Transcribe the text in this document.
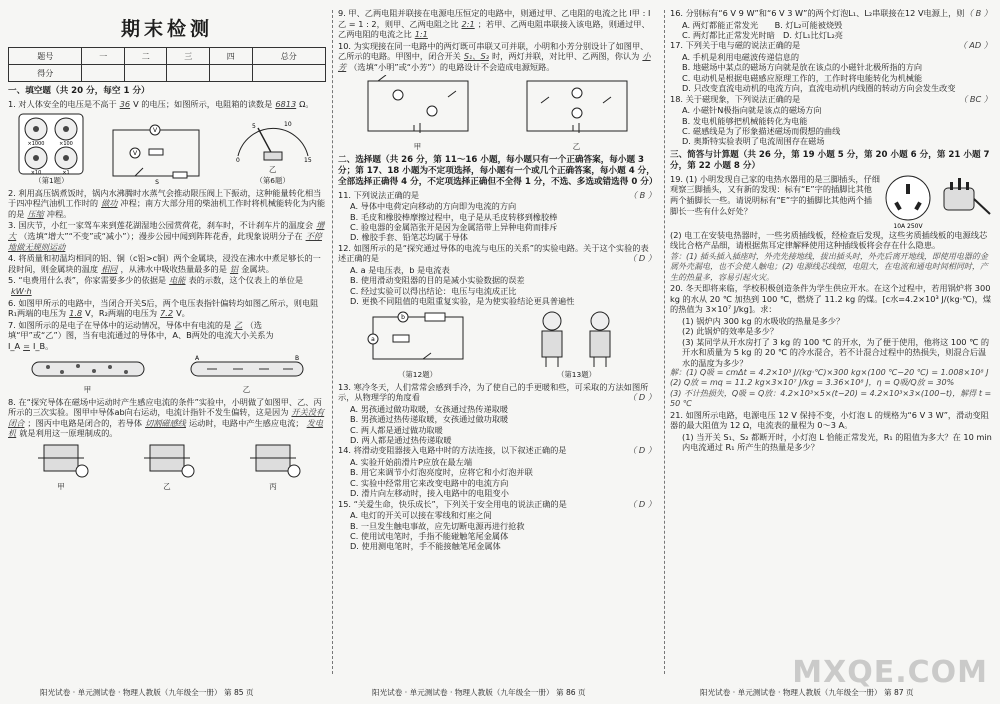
期末检测
题号	一	二	三	四	总分
得分					
一、填空题（共 20 分，每空 1 分）
1. 对人体安全的电压是不高于 36 V 的电压；如图所示，电阻箱的读数是 6813 Ω。
×1000	×100
×10	×1
（第1题）
V
V
S
0
5	10
15
乙
（第6题）
2. 利用高压锅煮饭时，锅内水沸腾时水蒸气会推动限压阀上下振动，这种能量转化相当于四冲程汽油机工作时的 做功 冲程；南方大部分用的柴油机工作时将机械能转化为内能的是 压缩 冲程。
3. 国庆节，小红一家驾车来到莲花湖湿地公园赏荷花，刹车时，不计刹车片的温度会 增大 （选填“增大”“不变”或“减小”）；漫步公园中闻到阵阵花香，此现象说明分子在 不停地做无规则运动
4. 将质量和初温均相同的铝、铜（c铝>c铜）两个金属块，浸没在沸水中煮足够长的一段时间，则金属块的温度 相同 ，从沸水中吸收热量最多的是 铝 金属块。
5. “电费用什么表”，你家需要多少的依据是 电能 表的示数，这个仪表上的单位是kW·h
6. 如图甲所示的电路中，当闭合开关S后，两个电压表指针偏转均如图乙所示，则电阻R₁两端的电压为 1.8 V，R₂两端的电压为 7.2 V。
7. 如图所示的是电子在导体中的运动情况，导体中有电流的是 乙 （选填“甲”或“乙”）图，当有电流通过的导体中，A、B两处的电流大小关系为 I_A = I_B。
甲
A	B
乙
8. 在“探究导体在磁场中运动时产生感应电流的条件”实验中，小明做了如图甲、乙、丙所示的三次实验。图甲中导体ab向右运动，电流计指针不发生偏转，这是因为 开关没有闭合 ；图丙中电路是闭合的，若导体 切割磁感线 运动时，电路中产生感应电流； 发电机 就是利用这一原理制成的。
甲	乙	丙
9. 甲、乙两电阻并联接在电源电压恒定的电路中，则通过甲、乙电阻的电流之比 I甲 : I乙 = 1 : 2，则甲、乙两电阻之比 2:1 ；若甲、乙两电阻串联接入该电路，则通过甲、乙两电阻的电流之比 1:1
10. 为实现接在同一电路中的两灯既可串联又可并联，小明和小芳分别设计了如图甲、乙所示的电路。甲图中，闭合开关 S₁、S₃ 时，两灯并联，对比甲、乙两图，你认为 小芳 （选填“小明”或“小芳”）的电路设计不会造成电源短路。
甲	乙
二、选择题（共 26 分，第 11～16 小题，每小题只有一个正确答案，每小题 3 分；第 17、18 小题为不定项选择，每小题有一个或几个正确答案，每小题 4 分，全部选择正确得 4 分，不定项选择正确但不全得 1 分，不选、多选或错选得 0 分）
11. 下列说法正确的是	（ B ）
A. 导体中电荷定向移动的方向即为电流的方向
B. 毛皮和橡胶棒摩擦过程中，电子是从毛皮转移到橡胶棒
C. 验电器的金属箔张开是因为金属箔带上异种电荷而排斥
D. 橡胶手套、铅笔芯均属于导体
12. 如图所示的是“探究通过导体的电流与电压的关系”的实验电路。关于这个实验的表述正确的是	（ D ）
A. a 是电压表，b 是电流表
B. 使用滑动变阻器的目的是减小实验数据的误差
C. 经过实验可以得出结论：电压与电流成正比
D. 更换不同阻值的电阻重复实验，是为使实验结论更具普遍性
b
a
（第12题）	（第13题）
13. 寒冷冬天，人们常常会感到手冷，为了使自己的手更暖和些，可采取的方法如图所示，从物理学的角度看	（ D ）
A. 男孩通过做功取暖，女孩通过热传递取暖
B. 男孩通过热传递取暖，女孩通过做功取暖
C. 两人都是通过做功取暖
D. 两人都是通过热传递取暖
14. 将滑动变阻器接入电路中时的方法连接，以下叙述正确的是	（ D ）
A. 实验开始前滑片P应放在最左端
B. 用它来调节小灯泡亮度时，应将它和小灯泡并联
C. 实验中经常用它来改变电路中的电流方向
D. 滑片向左移动时，接入电路中的电阻变小
15. “关爱生命，快乐成长”，下列关于安全用电的说法正确的是	（ D ）
A. 电灯的开关可以接在零线和灯座之间
B. 一旦发生触电事故，应先切断电源再进行抢救
C. 使用试电笔时，手指不能碰触笔尾金属体
D. 使用测电笔时，手不能接触笔尾金属体
16. 分别标有“6 V 9 W”和“6 V 3 W”的两个灯泡L₁、L₂串联接在12 V电源上，则 （ B ）
A. 两灯都能正常发光　　 B. 灯L₂可能被烧毁
C. 两灯都比正常发光时暗　 D. 灯L₁比灯L₂亮
17. 下列关于电与磁的说法正确的是	（ AD ）
A. 手机是利用电磁波传递信息的
B. 地磁场中某点的磁场方向就是放在该点的小磁针北极所指的方向
C. 电动机是根据电磁感应原理工作的，工作时将电能转化为机械能
D. 只改变直流电动机的电流方向，直流电动机内线圈的转动方向会发生改变
18. 关于磁现象，下列说法正确的是	（ BC ）
A. 小磁针N极指向就是该点的磁场方向
B. 发电机能够把机械能转化为电能
C. 磁感线是为了形象描述磁场而假想的曲线
D. 奥斯特实验表明了电流周围存在磁场
三、简答与计算题（共 26 分，第 19 小题 5 分，第 20 小题 6 分，第 21 小题 7 分，第 22 小题 8 分）
19. (1) 小明发现自己家的电热水器用的是三脚插头，仔细观察三脚插头，又有新的发现：标有“E”字的插脚比其他两个插脚长一些。请说明标有“E”字的插脚比其他两个插脚长一些有什么好处？
10A 250V
(2) 电工在安装电热器时，一些劣质插线板，经检查后发现，这些劣质插线板的电源线芯线比合格产品细，请根据焦耳定律解释使用这种插线板将会存在什么隐患。
答：(1) 插头插入插座时，外壳先接地线，拔出插头时，外壳后离开地线，即使用电器的金属外壳漏电，也不会使人触电；(2) 电源线芯线细，电阻大，在电流和通电时间相同时，产生的热量多，容易引起火灾。
20. 冬天即将来临，学校积极创造条件为学生供应开水。在这个过程中，若用锅炉将 300 kg 的水从 20 ℃ 加热到 100 ℃，燃烧了 11.2 kg 的煤。[c水=4.2×10³ J/(kg·℃)，煤的热值为 3×10⁷ J/kg]。求：
(1) 锅炉内 300 kg 的水吸收的热量是多少？
(2) 此锅炉的效率是多少？
(3) 某同学从开水房打了 3 kg 的 100 ℃ 的开水，为了便于使用，他将这 100 ℃ 的开水和质量为 5 kg 的 20 ℃ 的冷水混合，若不计混合过程中的热损失，则混合后温水的温度为多少？
解：(1) Q吸 = cmΔt = 4.2×10³ J/(kg·℃)×300 kg×(100 ℃−20 ℃) = 1.008×10⁸ J
(2) Q放 = mq = 11.2 kg×3×10⁷ J/kg = 3.36×10⁸ J，η = Q吸/Q放 = 30%
(3) 不计热损失，Q吸 = Q放：4.2×10³×5×(t−20) = 4.2×10³×3×(100−t)，解得 t = 50 ℃
21. 如图所示电路，电源电压 12 V 保持不变，小灯泡 L 的规格为“6 V 3 W”，滑动变阻器的最大阻值为 12 Ω，电流表的量程为 0～3 A。
(1) 当开关 S₁、S₂ 都断开时，小灯泡 L 恰能正常发光，R₁ 的阻值为多大？在 10 min 内电流通过 R₁ 所产生的热量是多少？
阳光试卷 · 单元测试卷 · 物理人教版（九年级全一册） 第 85 页	阳光试卷 · 单元测试卷 · 物理人教版（九年级全一册） 第 86 页	阳光试卷 · 单元测试卷 · 物理人教版（九年级全一册） 第 87 页
MXQE.COM
